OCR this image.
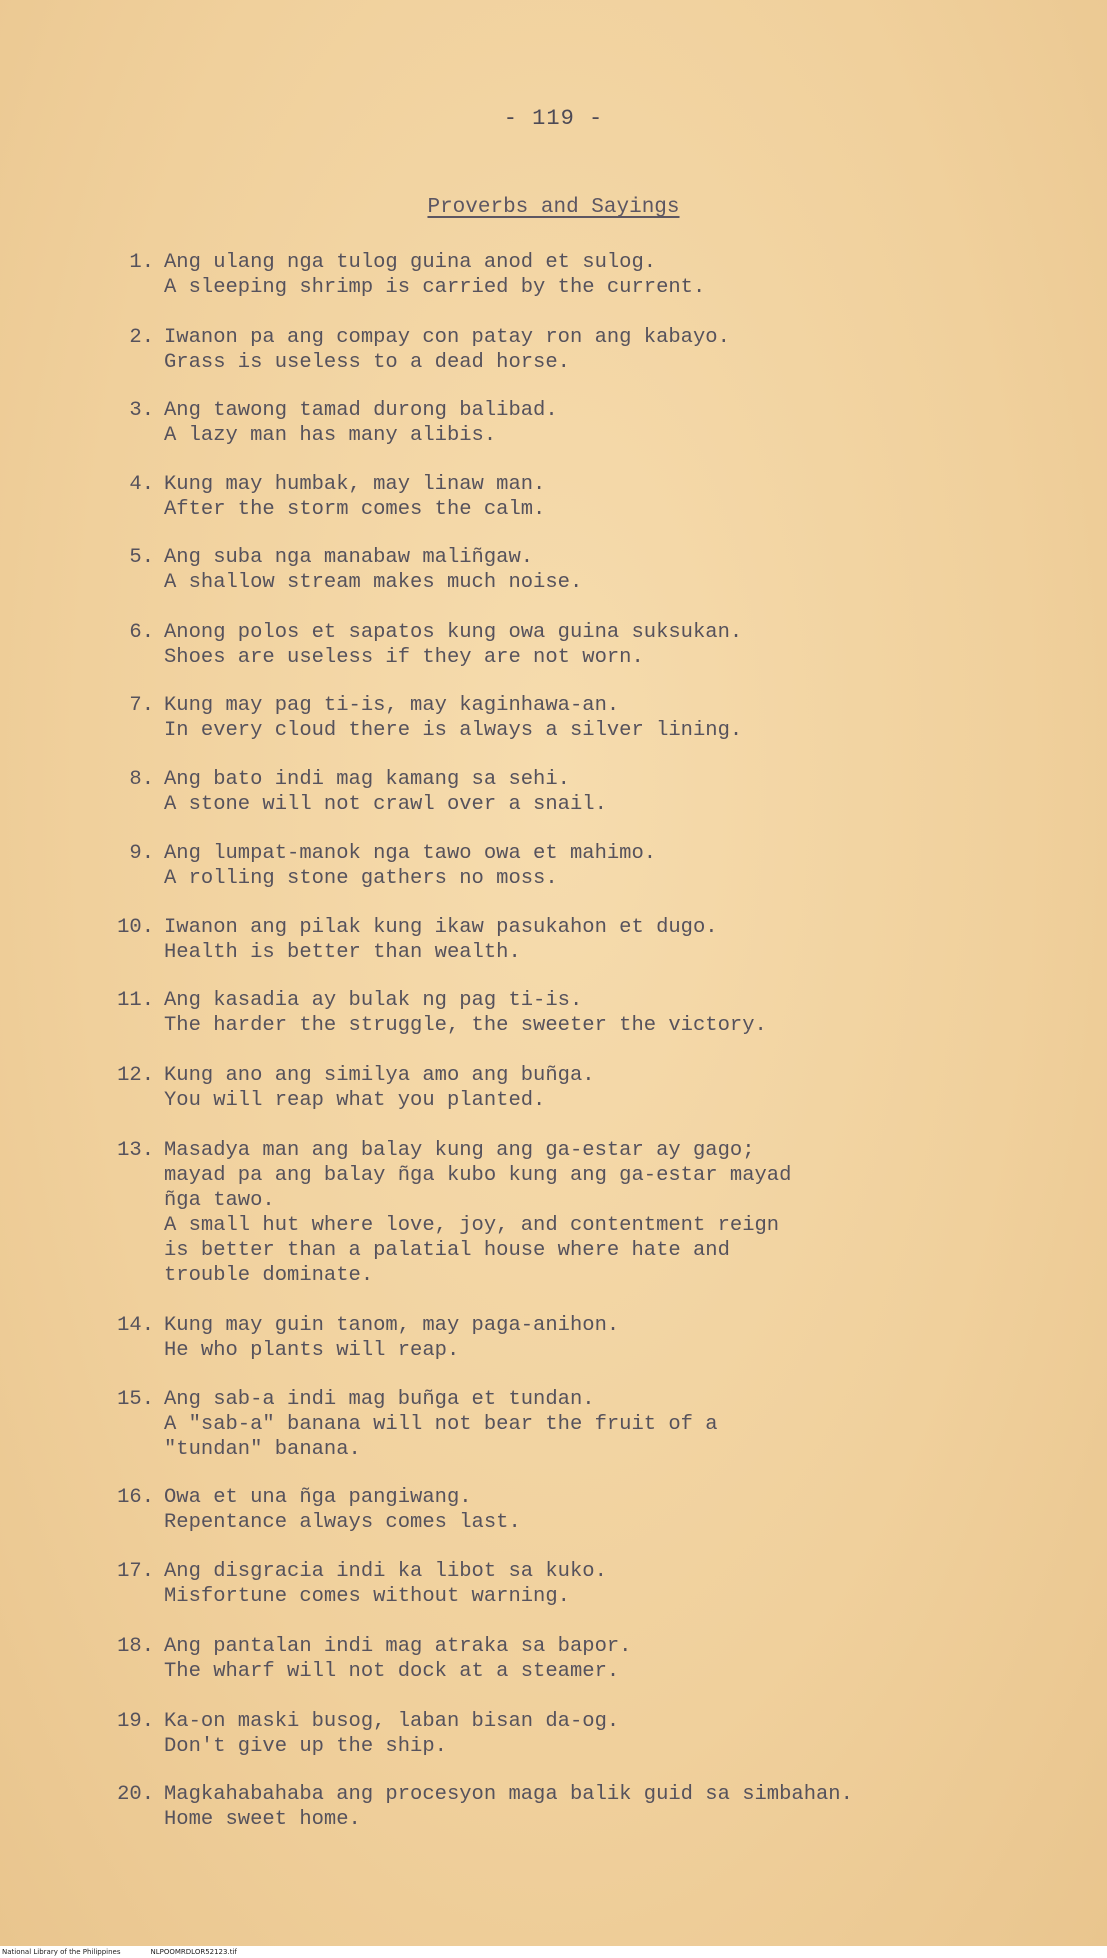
- 119 -
Proverbs and Sayings
1. Ang ulang nga tulog guina anod et sulog.
A sleeping shrimp is carried by the current.
2. Iwanon pa ang compay con patay ron ang kabayo.
Grass is useless to a dead horse.
3. Ang tawong tamad durong balibad.
A lazy man has many alibis.
4. Kung may humbak, may linaw man.
After the storm comes the calm.
5. Ang suba nga manabaw maliñgaw.
A shallow stream makes much noise.
6. Anong polos et sapatos kung owa guina suksukan.
Shoes are useless if they are not worn.
7. Kung may pag ti-is, may kaginhawa-an.
In every cloud there is always a silver lining.
8. Ang bato indi mag kamang sa sehi.
A stone will not crawl over a snail.
9. Ang lumpat-manok nga tawo owa et mahimo.
A rolling stone gathers no moss.
10. Iwanon ang pilak kung ikaw pasukahon et dugo.
Health is better than wealth.
11. Ang kasadia ay bulak ng pag ti-is.
The harder the struggle, the sweeter the victory.
12. Kung ano ang similya amo ang buñga.
You will reap what you planted.
13. Masadya man ang balay kung ang ga-estar ay gago;
mayad pa ang balay ñga kubo kung ang ga-estar mayad
ñga tawo.
A small hut where love, joy, and contentment reign
is better than a palatial house where hate and
trouble dominate.
14. Kung may guin tanom, may paga-anihon.
He who plants will reap.
15. Ang sab-a indi mag buñga et tundan.
A "sab-a" banana will not bear the fruit of a
"tundan" banana.
16. Owa et una ñga pangiwang.
Repentance always comes last.
17. Ang disgracia indi ka libot sa kuko.
Misfortune comes without warning.
18. Ang pantalan indi mag atraka sa bapor.
The wharf will not dock at a steamer.
19. Ka-on maski busog, laban bisan da-og.
Don't give up the ship.
20. Magkahabahaba ang procesyon maga balik guid sa simbahan.
Home sweet home.
National Library of the Philippines	NLPOOMRDLOR52123.tif
